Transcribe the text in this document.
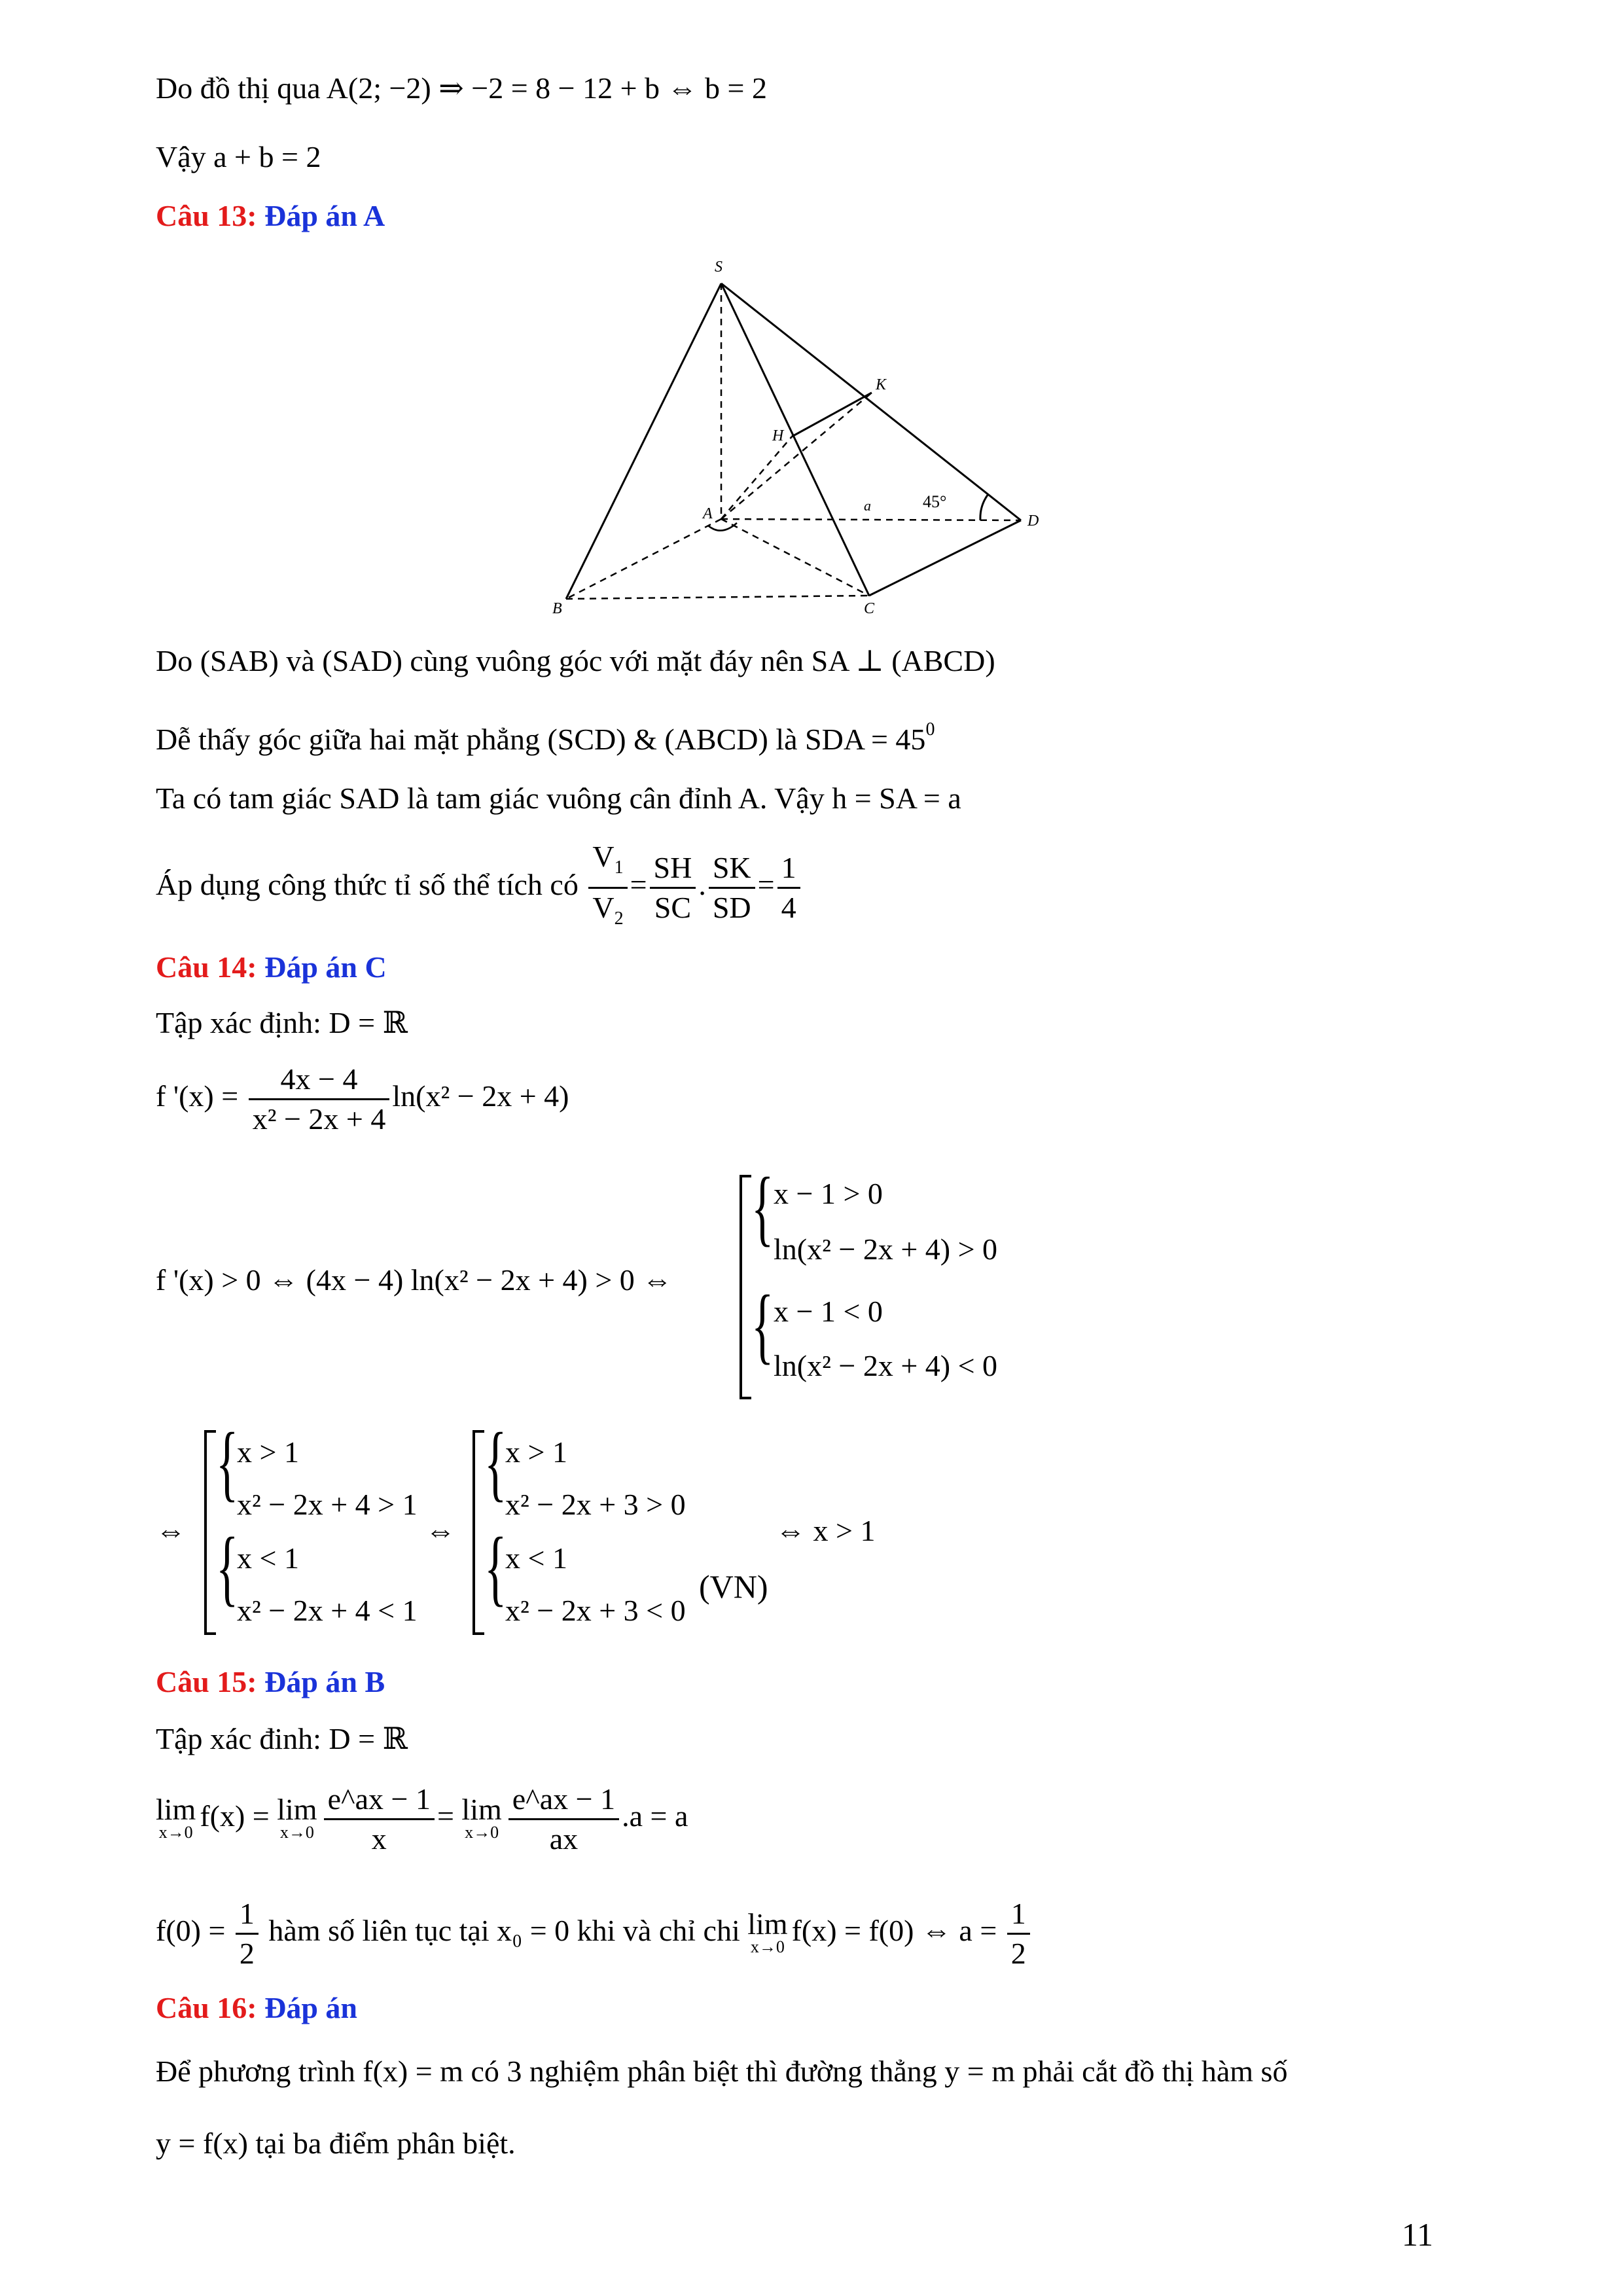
Do đồ thị qua A(2; −2) ⇒ −2 = 8 − 12 + b ⇔ b = 2
Vậy a + b = 2
Câu 13: Đáp án A
S
K
H
A	a	45°
D
B	C
Do (SAB) và (SAD) cùng vuông góc với mặt đáy nên SA ⊥ (ABCD)
Dễ thấy góc giữa hai mặt phẳng (SCD) & (ABCD) là SDA = $45^0$
Ta có tam giác SAD là tam giác vuông cân đỉnh A. Vậy h = SA = a
Áp dụng công thức tỉ số thể tích có $\frac{V_1}{V_2} = \frac{SH}{SC}$ . $\frac{SK}{SD} = \frac{1}{4}$
Câu 14: Đáp án C
Tập xác định: D = ℝ
f '$(x) = \frac{4x - 4}{\text{x² − 2x + 4}} \ln(x^2 - 2x + 4)$
f '(x) > 0 ⇔ (4x − 4) ln(x² − 2x + 4) > 0 ⇔
{
{
x − 1 > 0
ln(x² − 2x + 4) > 0
x − 1 < 0
ln(x² − 2x + 4) < 0
⇔
{
{
x > 1
x² − 2x + 4 > 1
x < 1
x² − 2x + 4 < 1
⇔
{
{
x > 1
x² − 2x + 3 > 0
x < 1
x² − 2x + 3 < 0
(VN)
⇔ x > 1
Câu 15: Đáp án B
Tập xác đinh: D = ℝ
lim
x→0 f(x) = lim
$x\to 0 \frac{e\^{}ax - 1}{x} = \lim$
$x\to 0 \frac{e\^{}ax - 1}{ax} .a = a$
$f(0) = \frac{1}{2}$ hàm số liên tục tại x₀ = 0 khi và chỉ chi lim
x→0 f(x) = f(0) ⇔ $a = \frac{1}{2}$
Câu 16: Đáp án
Để phương trình f(x) = m có 3 nghiệm phân biệt thì đường thẳng y = m phải cắt đồ thị hàm số
y = f(x) tại ba điểm phân biệt.
11
